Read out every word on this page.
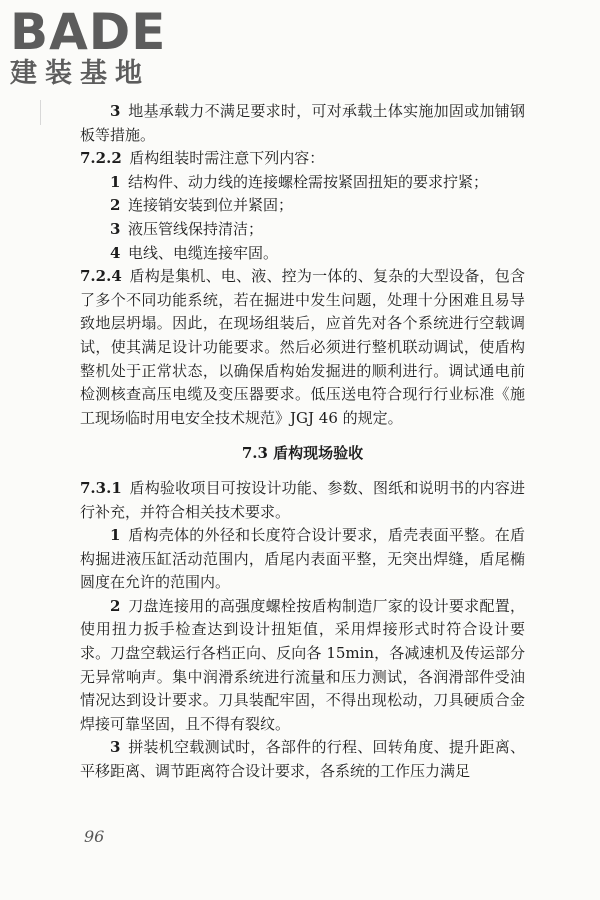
BADE
建装基地

3  地基承载力不满足要求时，可对承载土体实施加固或加铺钢板等措施。

7.2.2  盾构组装时需注意下列内容：

1  结构件、动力线的连接螺栓需按紧固扭矩的要求拧紧；

2  连接销安装到位并紧固；

3  液压管线保持清洁；

4  电线、电缆连接牢固。

7.2.4  盾构是集机、电、液、控为一体的、复杂的大型设备，包含了多个不同功能系统，若在掘进中发生问题，处理十分困难且易导致地层坍塌。因此，在现场组装后，应首先对各个系统进行空载调试，使其满足设计功能要求。然后必须进行整机联动调试，使盾构整机处于正常状态，以确保盾构始发掘进的顺利进行。调试通电前检测核查高压电缆及变压器要求。低压送电符合现行行业标准《施工现场临时用电安全技术规范》JGJ 46 的规定。

7.3 盾构现场验收

7.3.1  盾构验收项目可按设计功能、参数、图纸和说明书的内容进行补充，并符合相关技术要求。

1  盾构壳体的外径和长度符合设计要求，盾壳表面平整。在盾构掘进液压缸活动范围内，盾尾内表面平整，无突出焊缝，盾尾椭圆度在允许的范围内。

2  刀盘连接用的高强度螺栓按盾构制造厂家的设计要求配置，使用扭力扳手检查达到设计扭矩值，采用焊接形式时符合设计要求。刀盘空载运行各档正向、反向各 15min，各减速机及传运部分无异常响声。集中润滑系统进行流量和压力测试，各润滑部件受油情况达到设计要求。刀具装配牢固，不得出现松动，刀具硬质合金焊接可靠坚固，且不得有裂纹。

3  拼装机空载测试时，各部件的行程、回转角度、提升距离、平移距离、调节距离符合设计要求，各系统的工作压力满足

96
